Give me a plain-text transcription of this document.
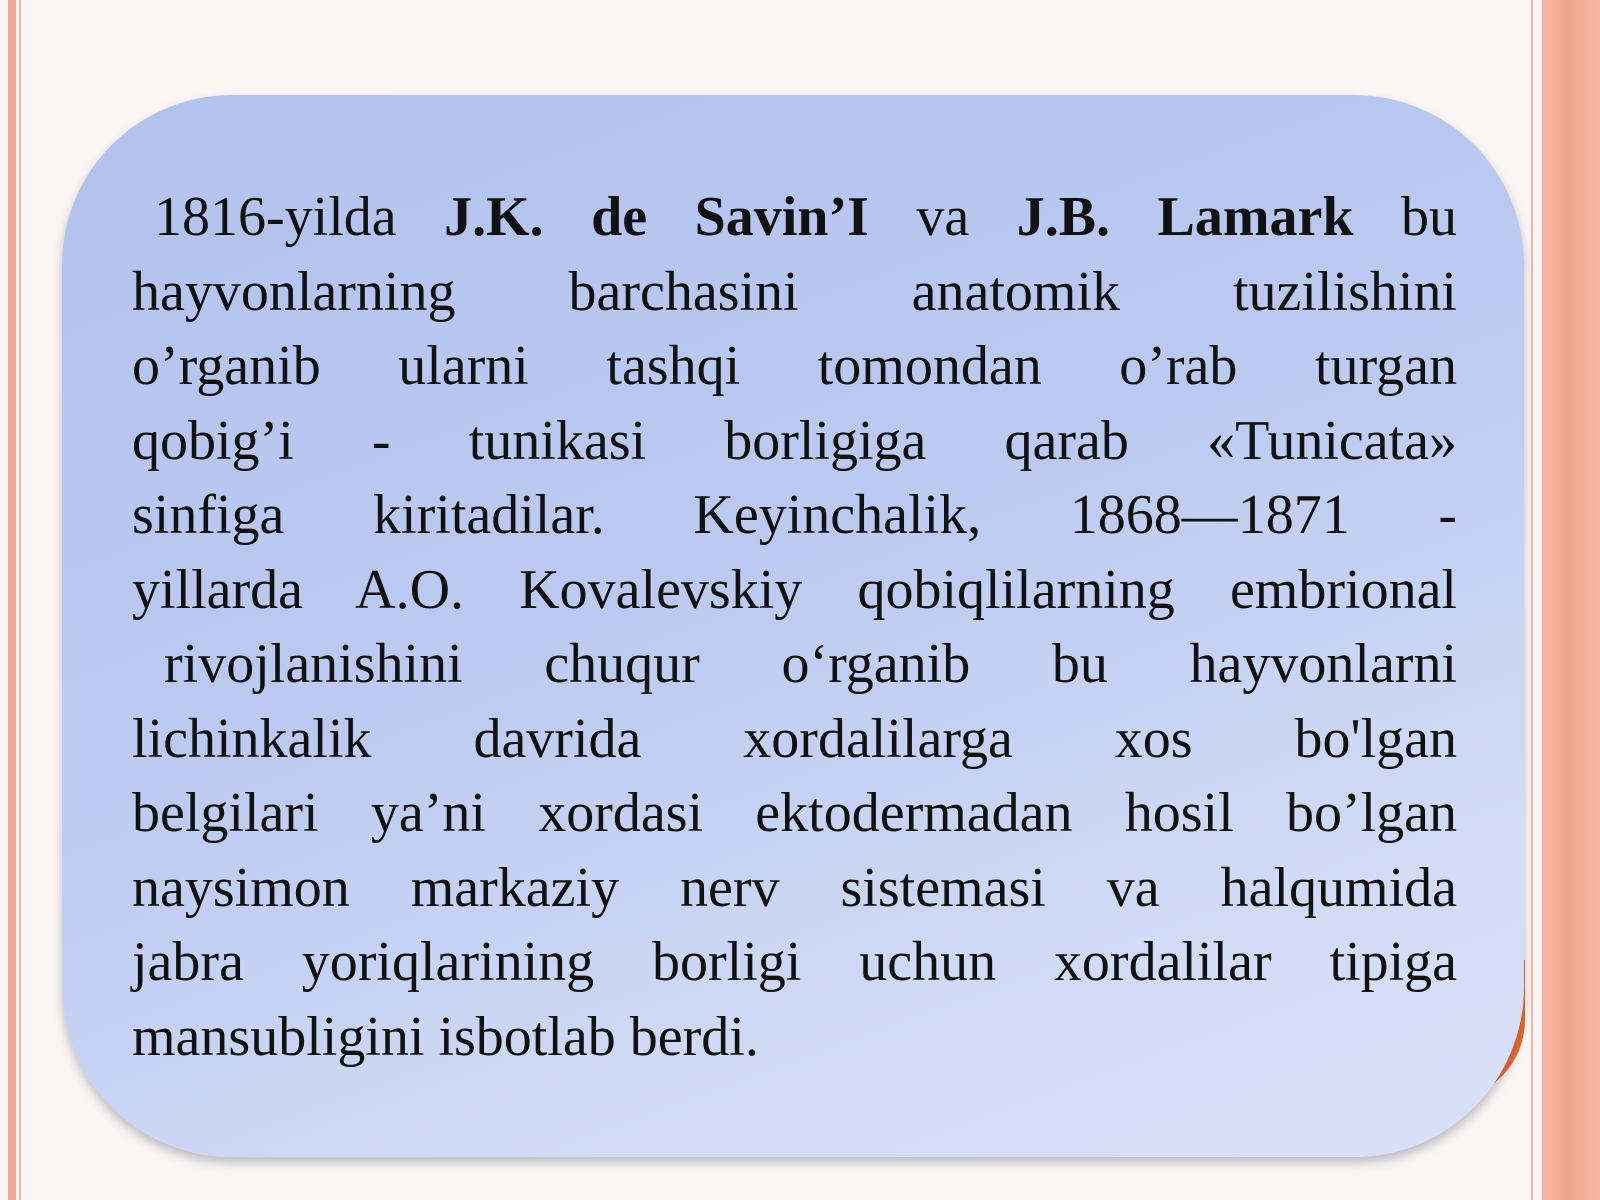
1816-yilda J.K. de Savin’I va J.B. Lamark bu
hayvonlarning barchasini anatomik tuzilishini
o’rganib ularni tashqi tomondan o’rab turgan
qobig’i - tunikasi borligiga qarab «Tunicata»
sinfiga kiritadilar. Keyinchalik, 1868—1871 -
yillarda A.O. Kovalevskiy qobiqlilarning embrional
rivojlanishini chuqur o‘rganib bu hayvonlarni
lichinkalik davrida xordalilarga xos bo'lgan
belgilari ya’ni xordasi ektodermadan hosil bo’lgan
naysimon markaziy nerv sistemasi va halqumida
jabra yoriqlarining borligi uchun xordalilar tipiga
mansubligini isbotlab berdi.
